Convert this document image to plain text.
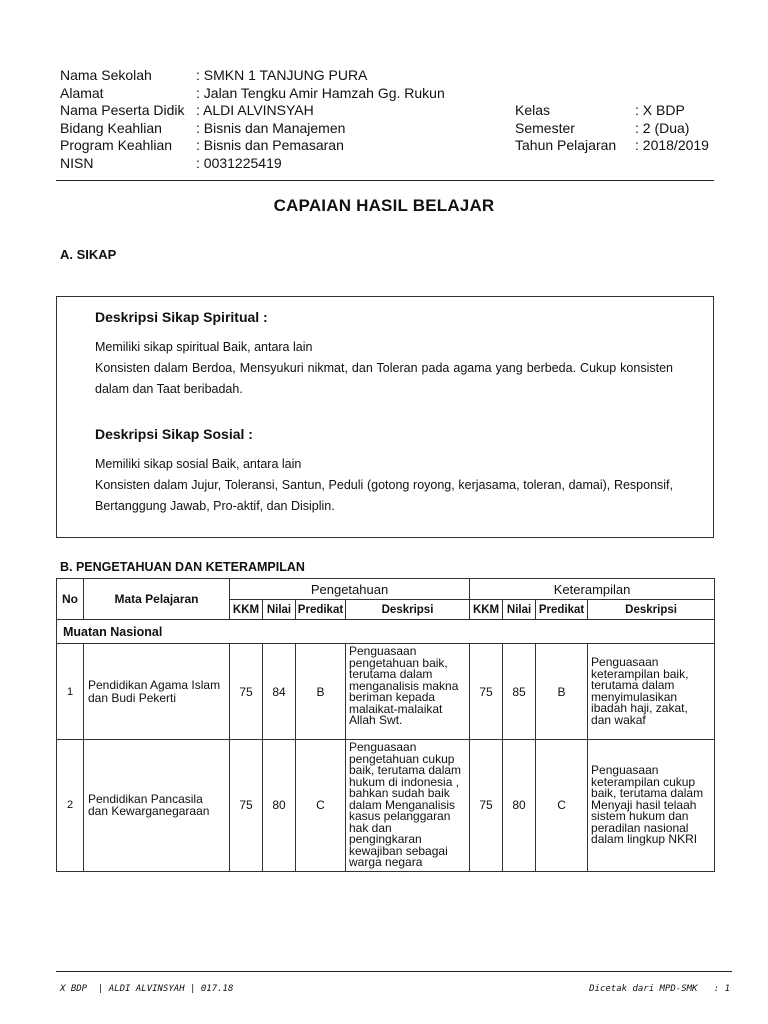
Nama Sekolah	: SMKN 1 TANJUNG PURA
Alamat	: Jalan Tengku Amir Hamzah Gg. Rukun
Nama Peserta Didik : ALDI ALVINSYAH
Bidang Keahlian	: Bisnis dan Manajemen
Program Keahlian	: Bisnis dan Pemasaran
NISN	: 0031225419
Kelas	: X BDP
Semester	: 2 (Dua)
Tahun Pelajaran	: 2018/2019
CAPAIAN HASIL BELAJAR
A. SIKAP
Deskripsi Sikap Spiritual :
Memiliki sikap spiritual Baik, antara lain
Konsisten dalam Berdoa, Mensyukuri nikmat, dan Toleran pada agama yang berbeda. Cukup konsisten dalam dan Taat beribadah.
Deskripsi Sikap Sosial :
Memiliki sikap sosial Baik, antara lain
Konsisten dalam Jujur, Toleransi, Santun, Peduli (gotong royong, kerjasama, toleran, damai), Responsif, Bertanggung Jawab, Pro-aktif, dan Disiplin.
B. PENGETAHUAN DAN KETERAMPILAN
No	Mata Pelajaran	Pengetahuan				Keterampilan			
		KKM	Nilai	Predikat	Deskripsi	KKM	Nilai	Predikat	Deskripsi
Muatan Nasional									
1	Pendidikan Agama Islam dan Budi Pekerti	75	84	B	Penguasaan pengetahuan baik, terutama dalam menganalisis makna beriman kepada malaikat-malaikat Allah Swt.	75	85	B	Penguasaan keterampilan baik, terutama dalam menyimulasikan ibadah haji, zakat, dan wakaf
2	Pendidikan Pancasila dan Kewarganegaraan	75	80	C	Penguasaan pengetahuan cukup baik, terutama dalam hukum di indonesia , bahkan sudah baik dalam Menganalisis kasus pelanggaran hak dan pengingkaran kewajiban sebagai warga negara	75	80	C	Penguasaan keterampilan cukup baik, terutama dalam Menyaji hasil telaah sistem hukum dan peradilan nasional dalam lingkup NKRI
X BDP  | ALDI ALVINSYAH | 017.18	Dicetak dari MPD-SMK   : 1
